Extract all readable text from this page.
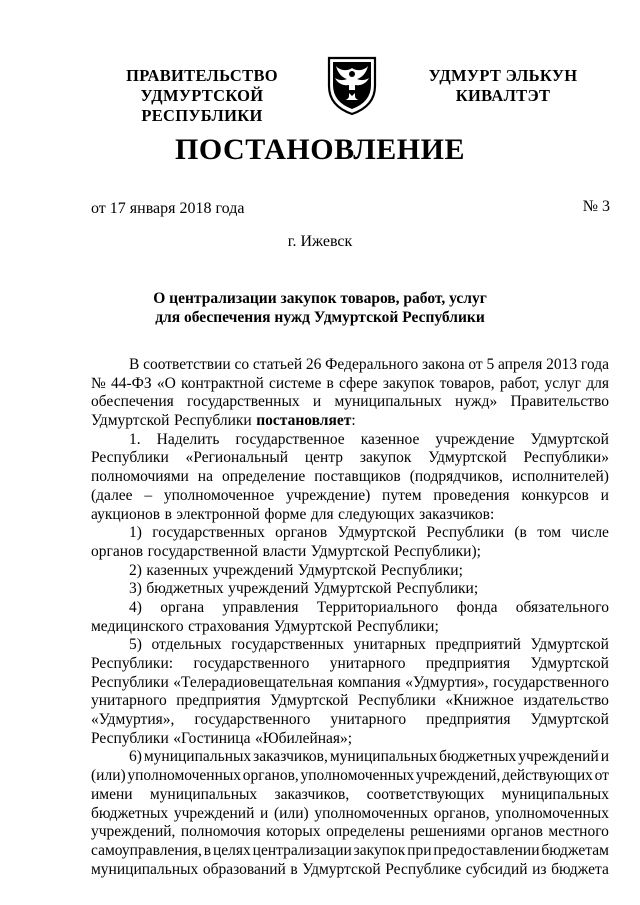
ПРАВИТЕЛЬСТВО
УДМУРТСКОЙ РЕСПУБЛИКИ
УДМУРТ ЭЛЬКУН
КИВАЛТЭТ
ПОСТАНОВЛЕНИЕ
от 17 января 2018 года	№ 3
г. Ижевск
О централизации закупок товаров, работ, услуг
для обеспечения нужд Удмуртской Республики
В соответствии со статьей 26 Федерального закона от 5 апреля 2013 года
№ 44-ФЗ «О контрактной системе в сфере закупок товаров, работ, услуг для
обеспечения государственных и муниципальных нужд» Правительство
Удмуртской Республики постановляет:
1. Наделить государственное казенное учреждение Удмуртской
Республики «Региональный центр закупок Удмуртской Республики»
полномочиями на определение поставщиков (подрядчиков, исполнителей)
(далее – уполномоченное учреждение) путем проведения конкурсов и
аукционов в электронной форме для следующих заказчиков:
1) государственных органов Удмуртской Республики (в том числе
органов государственной власти Удмуртской Республики);
2) казенных учреждений Удмуртской Республики;
3) бюджетных учреждений Удмуртской Республики;
4) органа управления Территориального фонда обязательного
медицинского страхования Удмуртской Республики;
5) отдельных государственных унитарных предприятий Удмуртской
Республики: государственного унитарного предприятия Удмуртской
Республики «Телерадиовещательная компания «Удмуртия», государственного
унитарного предприятия Удмуртской Республики «Книжное издательство
«Удмуртия», государственного унитарного предприятия Удмуртской
Республики «Гостиница «Юбилейная»;
6) муниципальных заказчиков, муниципальных бюджетных учреждений и
(или) уполномоченных органов, уполномоченных учреждений, действующих от
имени муниципальных заказчиков, соответствующих муниципальных
бюджетных учреждений и (или) уполномоченных органов, уполномоченных
учреждений, полномочия которых определены решениями органов местного
самоуправления, в целях централизации закупок при предоставлении бюджетам
муниципальных образований в Удмуртской Республике субсидий из бюджета
